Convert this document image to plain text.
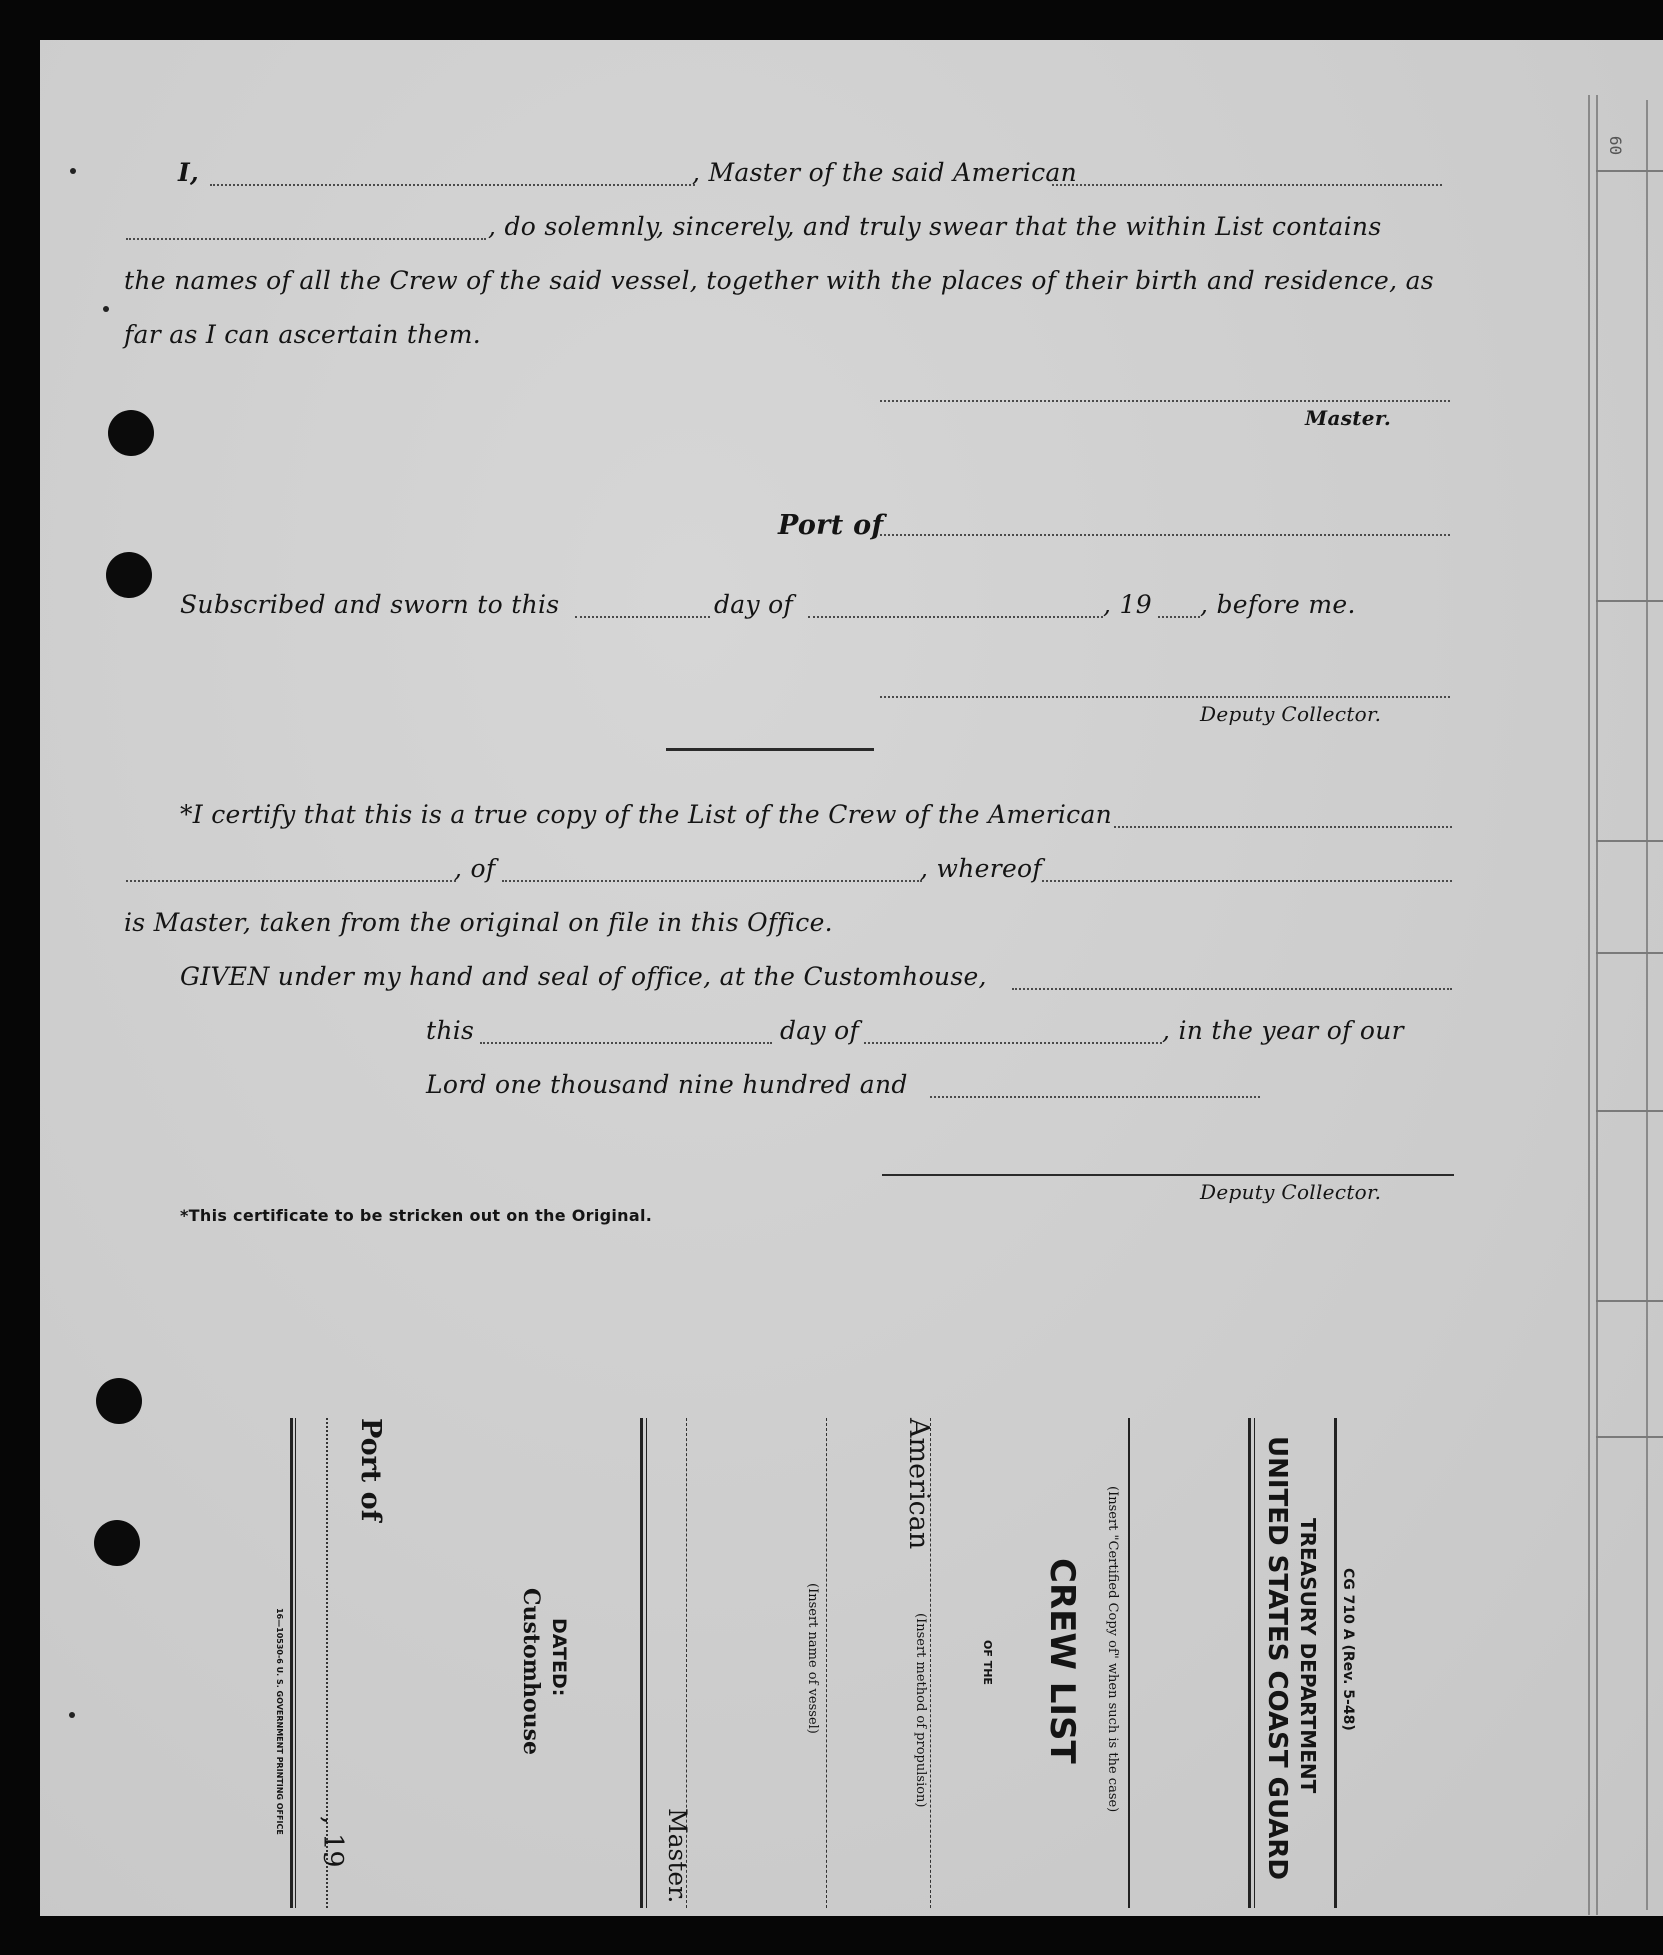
I,	, Master of the said American
, do solemnly, sincerely, and truly swear that the within List contains
the names of all the Crew of the said vessel, together with the places of their birth and residence, as
far as I can ascertain them.
Master.
Port of
Subscribed and sworn to this	day of	, 19 , before me.
Deputy Collector.
*I certify that this is a true copy of the List of the Crew of the American
, of	, whereof
is Master, taken from the original on file in this Office.
GIVEN under my hand and seal of office, at the Customhouse,
this	day of	, in the year of our
Lord one thousand nine hundred and
Deputy Collector.
*This certificate to be stricken out on the Original.
60
CG 710 A (Rev. 5-48)
TREASURY DEPARTMENT
UNITED STATES COAST GUARD
(Insert "Certified Copy of" when such is the case)
CREW LIST
OF THE
American
(Insert method of propulsion)
(Insert name of vessel)
Master.
DATED:
Customhouse
Port of
, 19
16—10530-6 U. S. GOVERNMENT PRINTING OFFICE
